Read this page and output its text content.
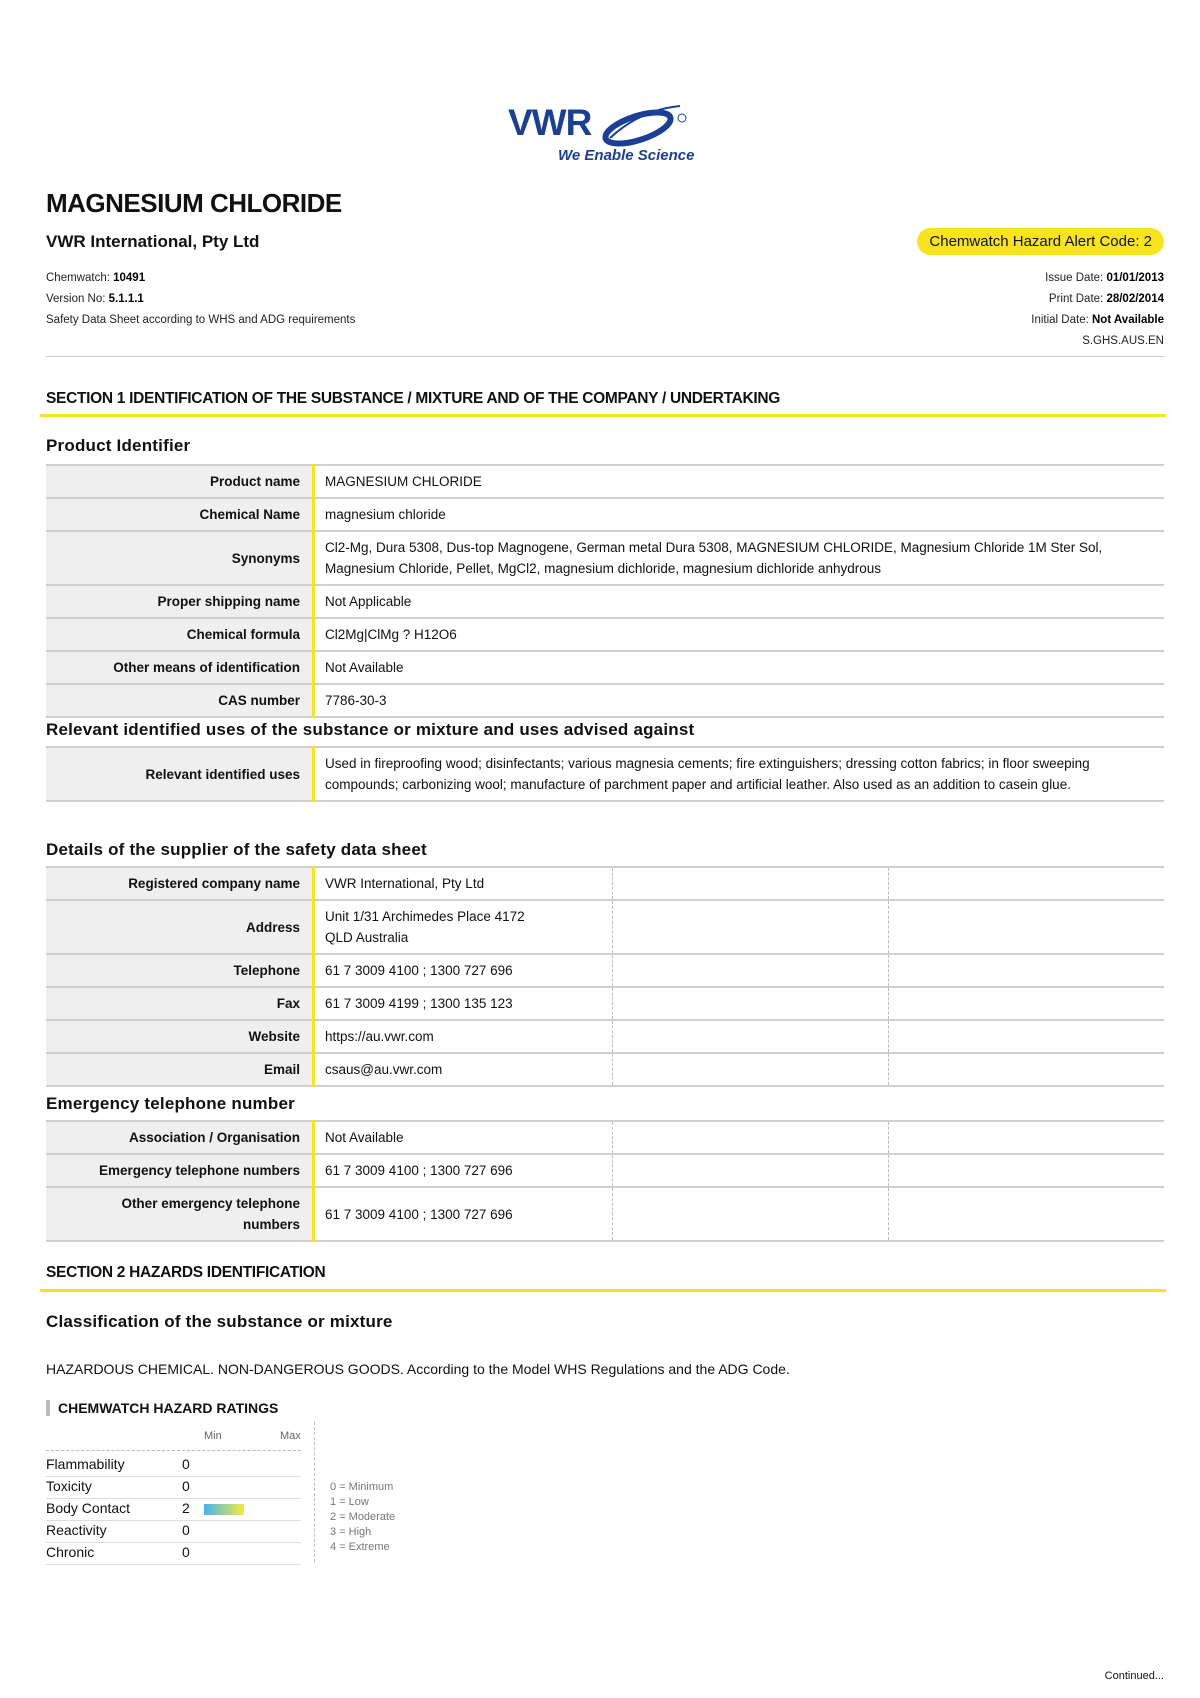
VWR
We Enable Science
MAGNESIUM CHLORIDE
VWR International, Pty Ltd	Chemwatch Hazard Alert Code: 2
Chemwatch: 10491
Version No: 5.1.1.1
Safety Data Sheet according to WHS and ADG requirements
Issue Date: 01/01/2013
Print Date: 28/02/2014
Initial Date: Not Available
S.GHS.AUS.EN
SECTION 1 IDENTIFICATION OF THE SUBSTANCE / MIXTURE AND OF THE COMPANY / UNDERTAKING
Product Identifier
Product name	MAGNESIUM CHLORIDE
Chemical Name	magnesium chloride
Synonyms	Cl2-Mg, Dura 5308, Dus-top Magnogene, German metal Dura 5308, MAGNESIUM CHLORIDE, Magnesium Chloride 1M Ster Sol, Magnesium Chloride, Pellet, MgCl2, magnesium dichloride, magnesium dichloride anhydrous
Proper shipping name	Not Applicable
Chemical formula	Cl2Mg|ClMg ? H12O6
Other means of identification	Not Available
CAS number	7786-30-3
Relevant identified uses of the substance or mixture and uses advised against
Relevant identified uses	Used in fireproofing wood; disinfectants; various magnesia cements; fire extinguishers; dressing cotton fabrics; in floor sweeping compounds; carbonizing wool; manufacture of parchment paper and artificial leather. Also used as an addition to casein glue.
Details of the supplier of the safety data sheet
Registered company name	VWR International, Pty Ltd		
Address	Unit 1/31 Archimedes Place 4172
QLD Australia		

Telephone	61 7 3009 4100 ; 1300 727 696		
Fax	61 7 3009 4199 ; 1300 135 123		
Website	https://au.vwr.com		
Email	csaus@au.vwr.com		
Emergency telephone number
Association / Organisation	Not Available		
Emergency telephone numbers	61 7 3009 4100 ; 1300 727 696		

Other emergency telephone
numbers	61 7 3009 4100 ; 1300 727 696		
SECTION 2 HAZARDS IDENTIFICATION
Classification of the substance or mixture
HAZARDOUS CHEMICAL. NON-DANGEROUS GOODS. According to the Model WHS Regulations and the ADG Code.
CHEMWATCH HAZARD RATINGS
Min	Max
Flammability	0
Toxicity	0
Body Contact	2
Reactivity	0
Chronic	0
0 = Minimum
1 = Low
2 = Moderate
3 = High
4 = Extreme
Continued...
